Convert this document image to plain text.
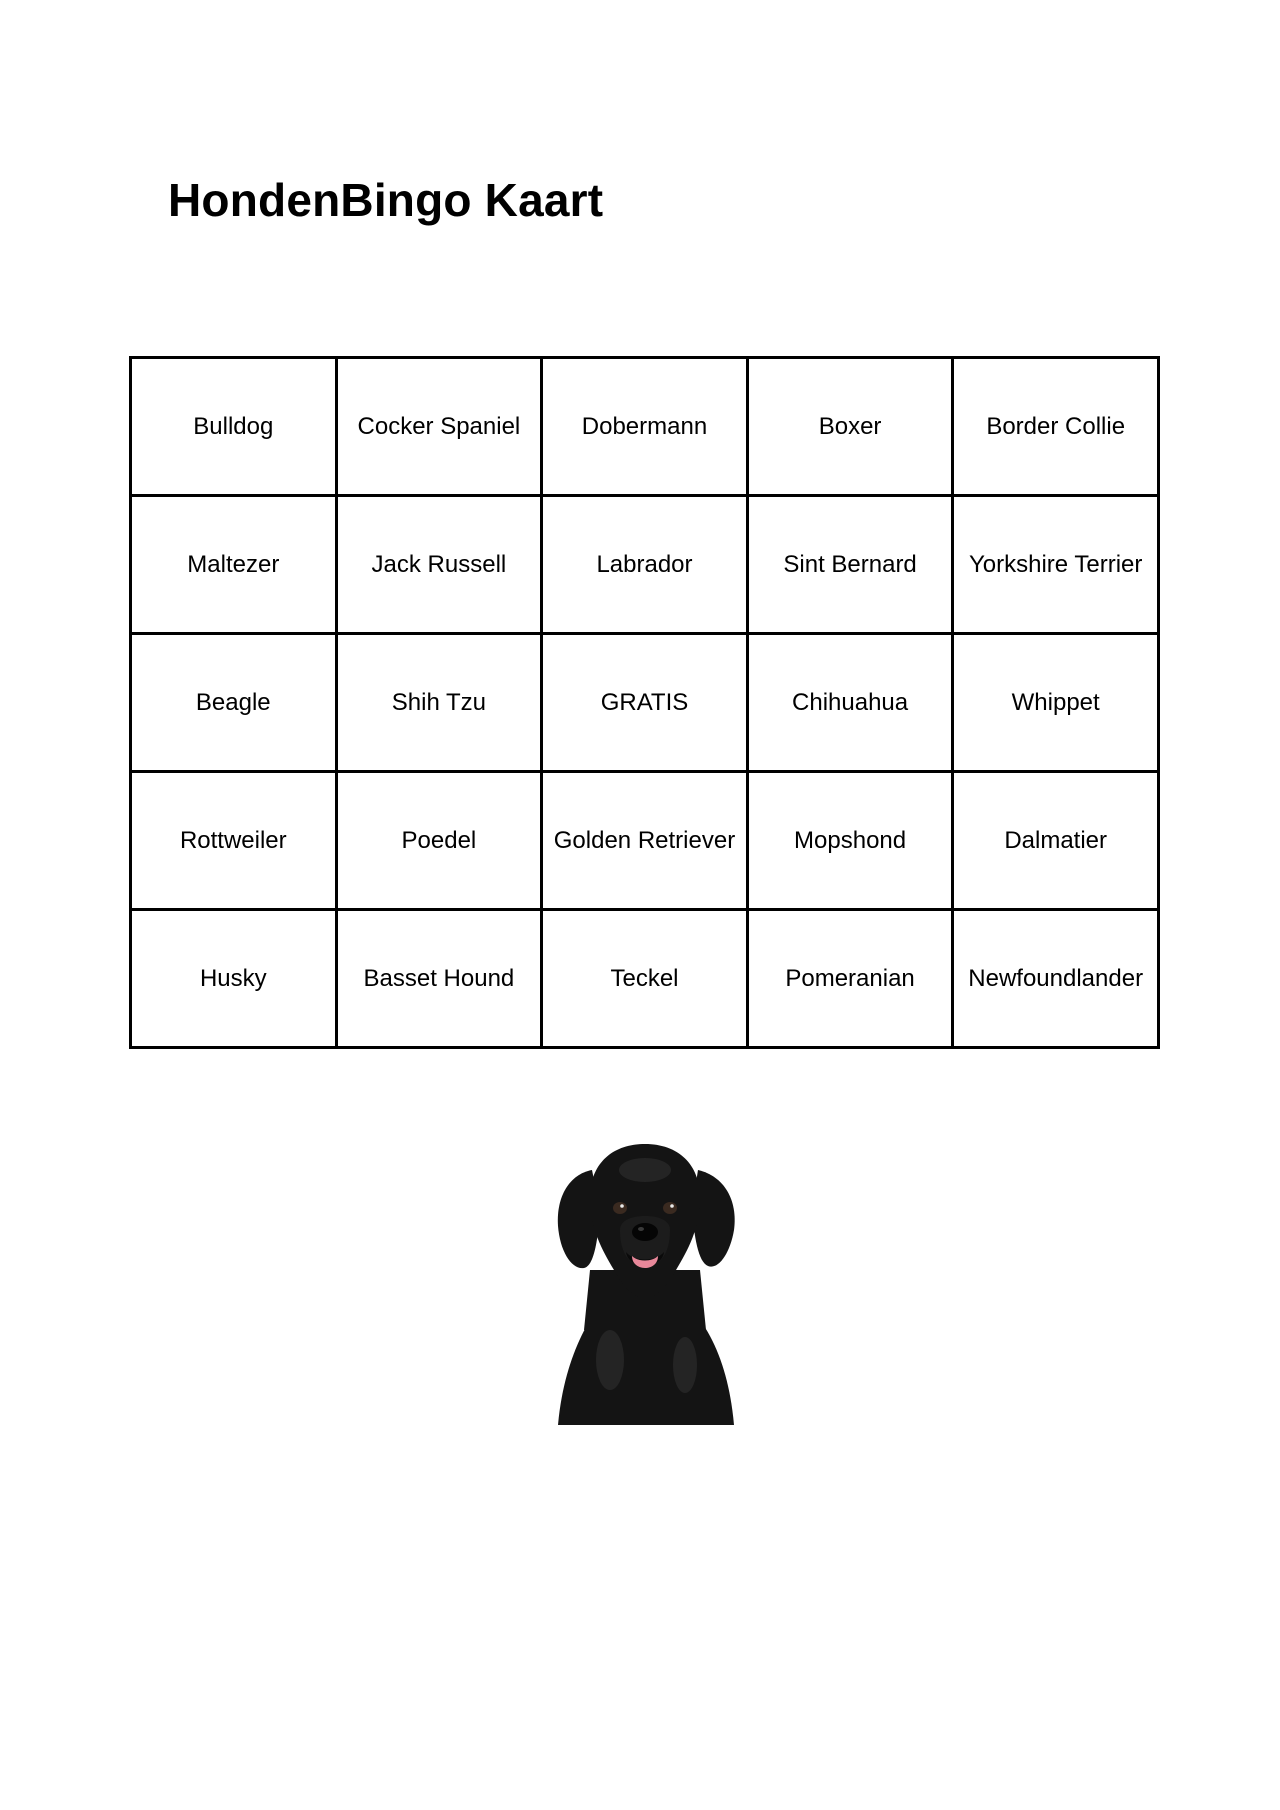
HondenBingo Kaart
Bulldog	Cocker Spaniel	Dobermann	Boxer	Border Collie
Maltezer	Jack Russell	Labrador	Sint Bernard	Yorkshire Terrier
Beagle	Shih Tzu	GRATIS	Chihuahua	Whippet
Rottweiler	Poedel	Golden Retriever	Mopshond	Dalmatier
Husky	Basset Hound	Teckel	Pomeranian	Newfoundlander
